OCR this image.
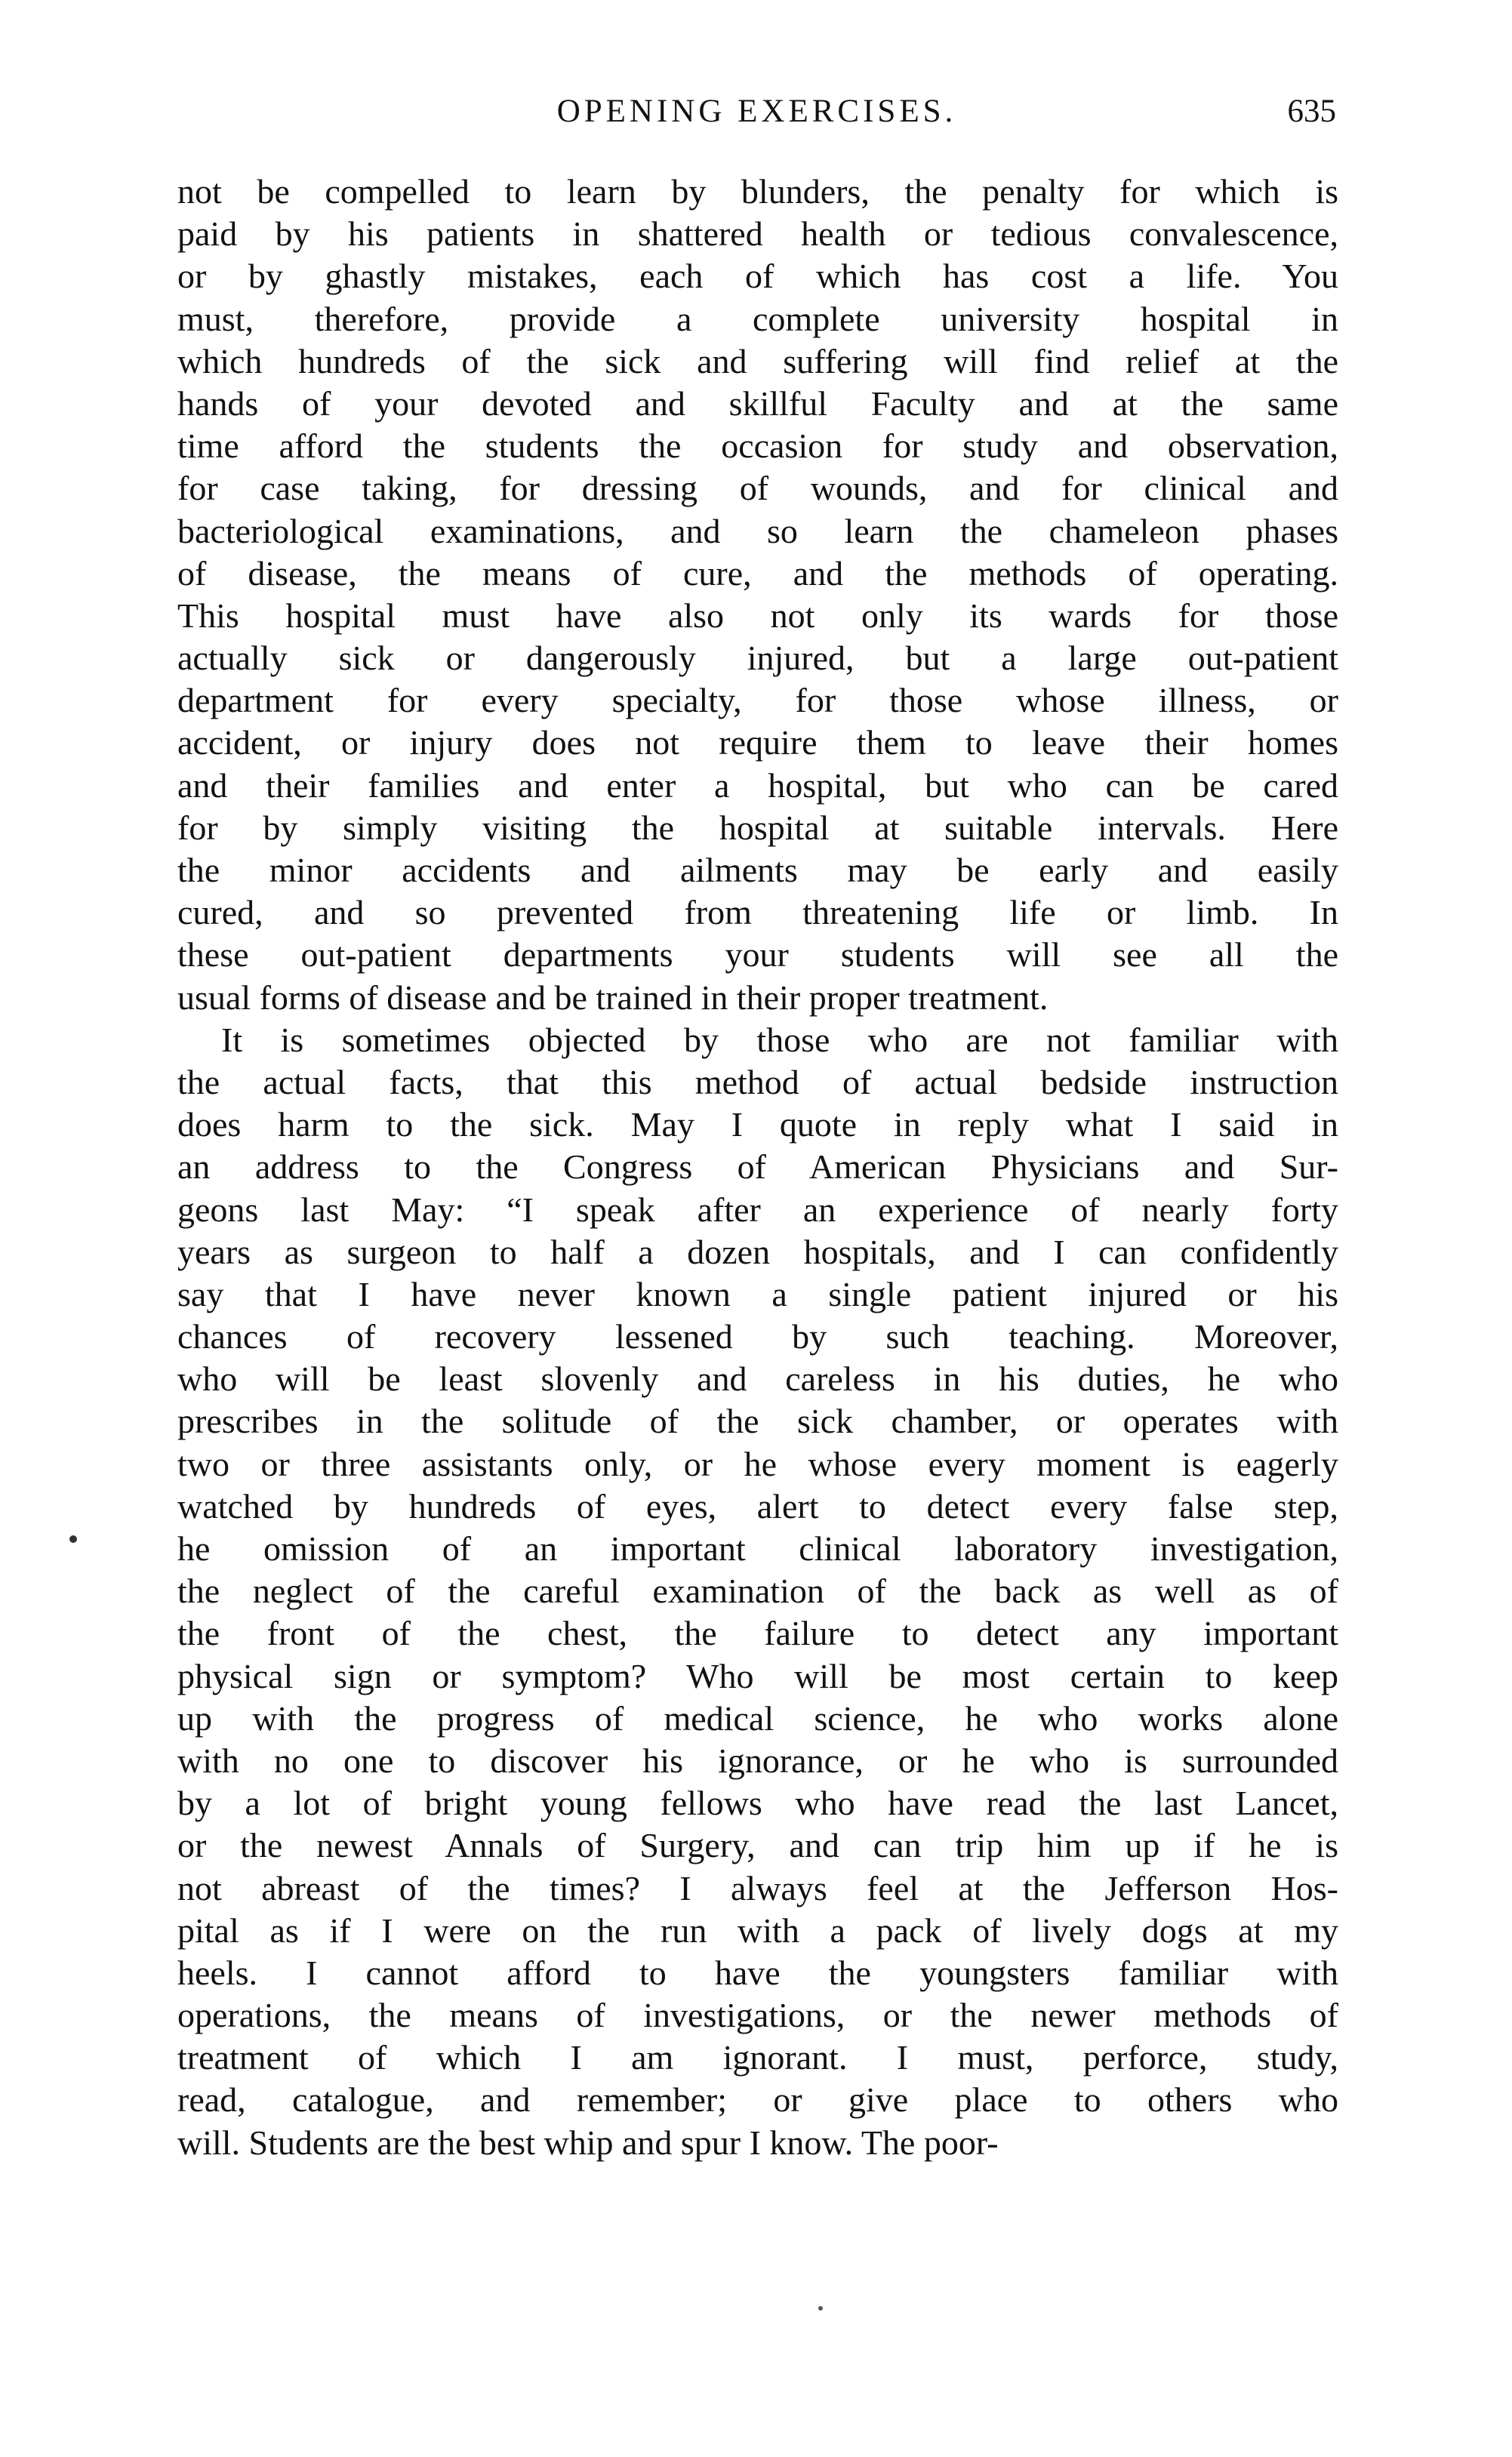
OPENING EXERCISES.	635
not be compelled to learn by blunders, the penalty for which is
paid by his patients in shattered health or tedious convalescence,
or by ghastly mistakes, each of which has cost a life. You
must, therefore, provide a complete university hospital in
which hundreds of the sick and suffering will find relief at the
hands of your devoted and skillful Faculty and at the same
time afford the students the occasion for study and observation,
for case taking, for dressing of wounds, and for clinical and
bacteriological examinations, and so learn the chameleon phases
of disease, the means of cure, and the methods of operating.
This hospital must have also not only its wards for those
actually sick or dangerously injured, but a large out-patient
department for every specialty, for those whose illness, or
accident, or injury does not require them to leave their homes
and their families and enter a hospital, but who can be cared
for by simply visiting the hospital at suitable intervals. Here
the minor accidents and ailments may be early and easily
cured, and so prevented from threatening life or limb. In
these out-patient departments your students will see all the
usual forms of disease and be trained in their proper treatment.
It is sometimes objected by those who are not familiar with
the actual facts, that this method of actual bedside instruction
does harm to the sick. May I quote in reply what I said in
an address to the Congress of American Physicians and Sur-
geons last May: “I speak after an experience of nearly forty
years as surgeon to half a dozen hospitals, and I can confidently
say that I have never known a single patient injured or his
chances of recovery lessened by such teaching. Moreover,
who will be least slovenly and careless in his duties, he who
prescribes in the solitude of the sick chamber, or operates with
two or three assistants only, or he whose every moment is eagerly
watched by hundreds of eyes, alert to detect every false step,
he omission of an important clinical laboratory investigation,
the neglect of the careful examination of the back as well as of
the front of the chest, the failure to detect any important
physical sign or symptom? Who will be most certain to keep
up with the progress of medical science, he who works alone
with no one to discover his ignorance, or he who is surrounded
by a lot of bright young fellows who have read the last Lancet,
or the newest Annals of Surgery, and can trip him up if he is
not abreast of the times? I always feel at the Jefferson Hos-
pital as if I were on the run with a pack of lively dogs at my
heels. I cannot afford to have the youngsters familiar with
operations, the means of investigations, or the newer methods of
treatment of which I am ignorant. I must, perforce, study,
read, catalogue, and remember; or give place to others who
will. Students are the best whip and spur I know. The poor-
